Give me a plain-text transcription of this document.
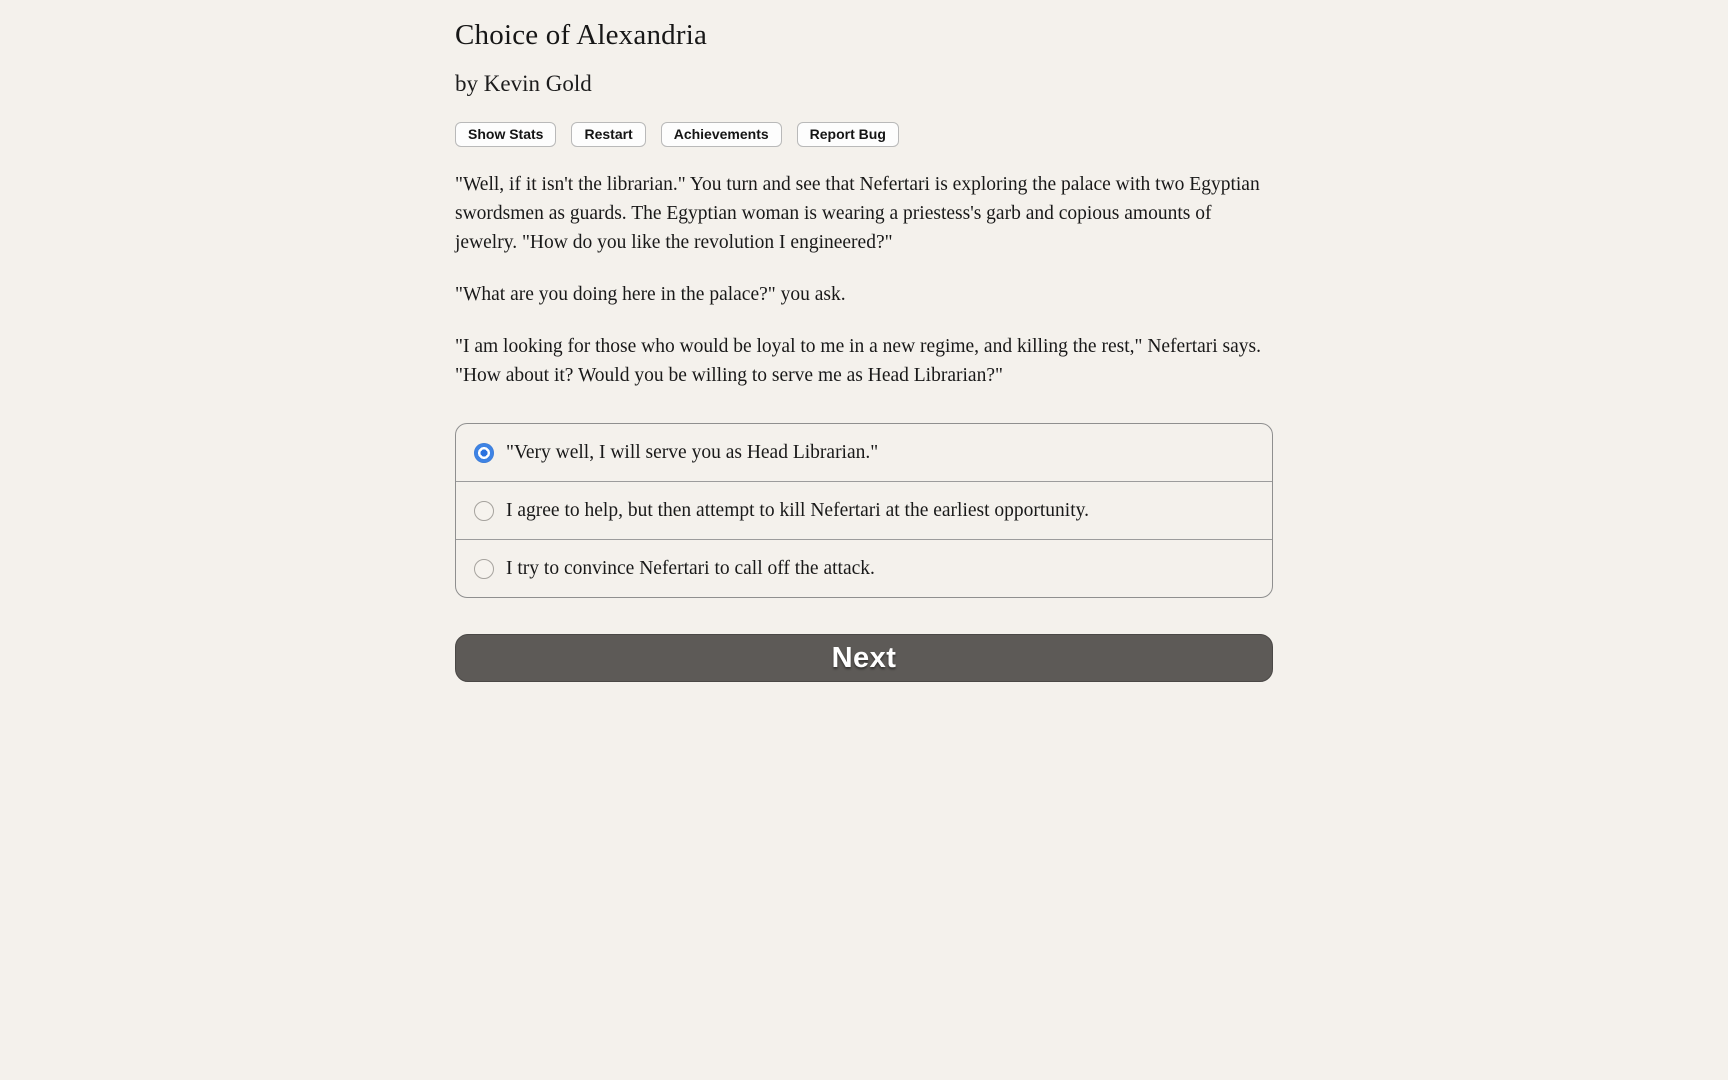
Choice of Alexandria

by Kevin Gold

Show Stats	Restart	Achievements	Report Bug

"Well, if it isn't the librarian." You turn and see that Nefertari is exploring the palace with two Egyptian swordsmen as guards. The Egyptian woman is wearing a priestess's garb and copious amounts of jewelry. "How do you like the revolution I engineered?"

"What are you doing here in the palace?" you ask.

"I am looking for those who would be loyal to me in a new regime, and killing the rest," Nefertari says. "How about it? Would you be willing to serve me as Head Librarian?"

"Very well, I will serve you as Head Librarian."
I agree to help, but then attempt to kill Nefertari at the earliest opportunity.
I try to convince Nefertari to call off the attack.
Next
